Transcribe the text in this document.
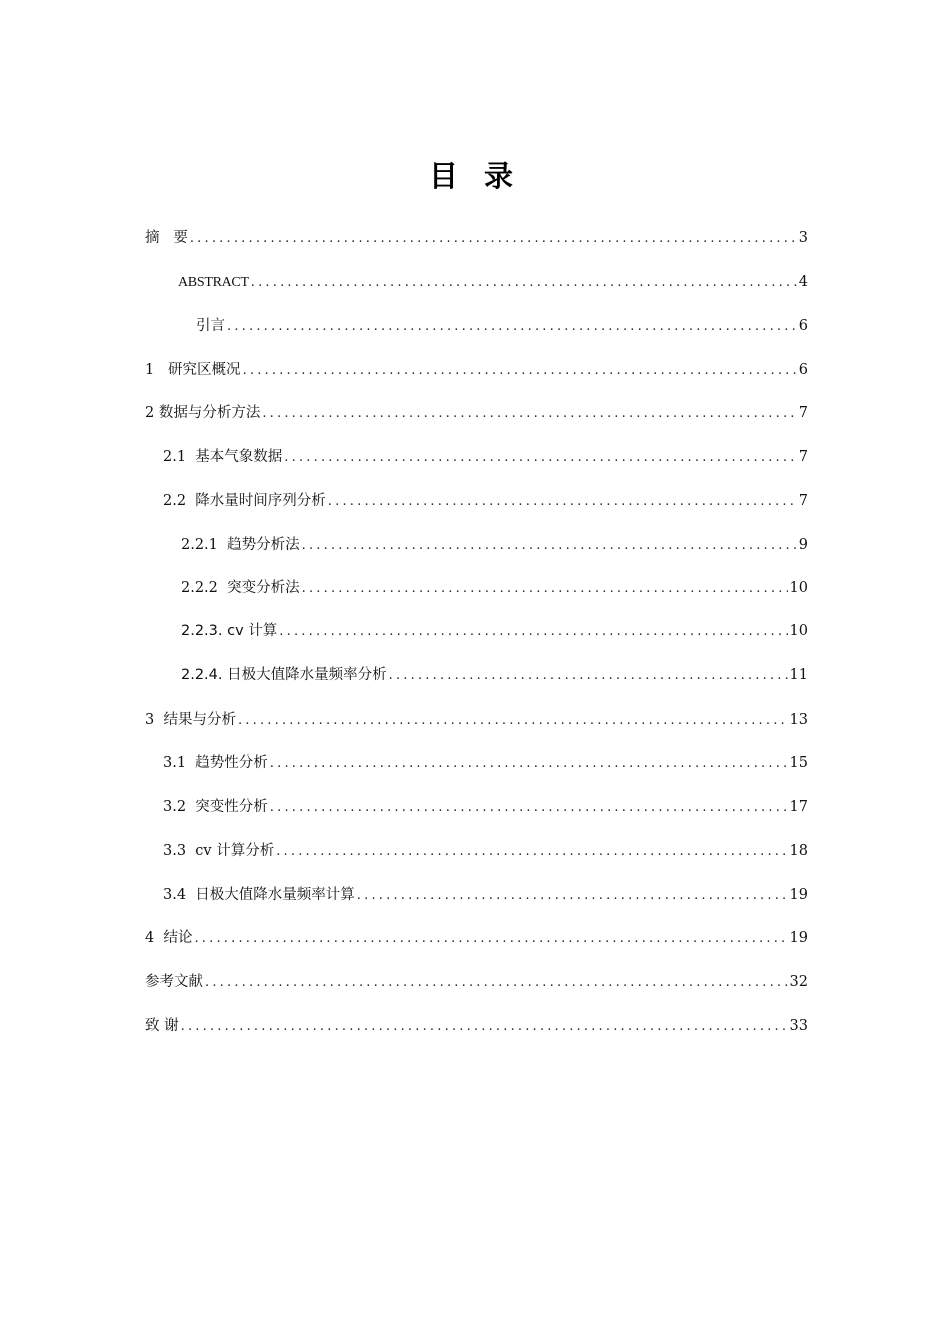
目 录
摘   要 .....	3
ABSTRACT .....	4
引言 .....	6
1   研究区概况 .....	6
2 数据与分析方法 .....	7
2.1  基本气象数据 .....	7
2.2  降水量时间序列分析 .....	7
2.2.1  趋势分析法 .....	9
2.2.2  突变分析法 .....	10
2.2.3. cv 计算 .....	10
2.2.4. 日极大值降水量频率分析 .....	11
3  结果与分析 .....	13
3.1  趋势性分析 .....	15
3.2  突变性分析 .....	17
3.3  cv 计算分析 .....	18
3.4  日极大值降水量频率计算 .....	19
4  结论 .....	19
参考文献 .....	32
致 谢 .....	33
